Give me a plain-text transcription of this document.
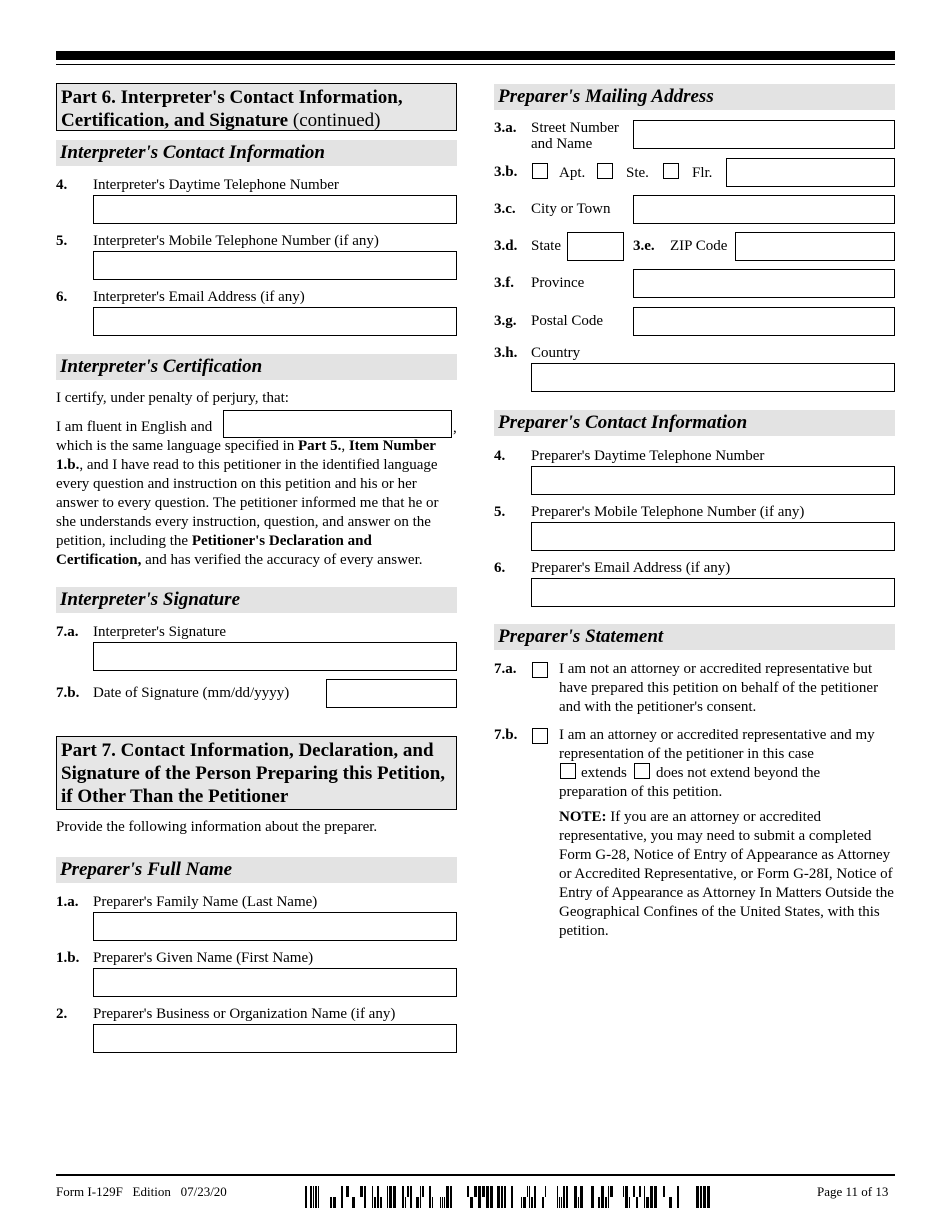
Part 6. Interpreter's Contact Information, Certification, and Signature (continued)
Interpreter's Contact Information
4. Interpreter's Daytime Telephone Number
5. Interpreter's Mobile Telephone Number (if any)
6. Interpreter's Email Address (if any)
Interpreter's Certification
I certify, under penalty of perjury, that:
I am fluent in English and	,
which is the same language specified in Part 5., Item Number 1.b., and I have read to this petitioner in the identified language every question and instruction on this petition and his or her answer to every question. The petitioner informed me that he or she understands every instruction, question, and answer on the petition, including the Petitioner's Declaration and Certification, and has verified the accuracy of every answer.
Interpreter's Signature
7.a. Interpreter's Signature
7.b. Date of Signature (mm/dd/yyyy)
Part 7. Contact Information, Declaration, and Signature of the Person Preparing this Petition, if Other Than the Petitioner
Provide the following information about the preparer.
Preparer's Full Name
1.a. Preparer's Family Name (Last Name)
1.b. Preparer's Given Name (First Name)
2. Preparer's Business or Organization Name (if any)
Preparer's Mailing Address
3.a. Street Number
and Name
3.b.	Apt.	Ste.	Flr.
3.c. City or Town
3.d. State	3.e. ZIP Code
3.f. Province
3.g. Postal Code
3.h. Country
Preparer's Contact Information
4. Preparer's Daytime Telephone Number
5. Preparer's Mobile Telephone Number (if any)
6. Preparer's Email Address (if any)
Preparer's Statement
7.a.	I am not an attorney or accredited representative but have prepared this petition on behalf of the petitioner and with the petitioner's consent.
7.b.	I am an attorney or accredited representative and my representation of the petitioner in this case
extends does not extend beyond the
preparation of this petition.
NOTE: If you are an attorney or accredited representative, you may need to submit a completed Form G-28, Notice of Entry of Appearance as Attorney or Accredited Representative, or Form G-28I, Notice of Entry of Appearance as Attorney In Matters Outside the Geographical Confines of the United States, with this petition.
Form I-129F   Edition   07/23/20	Page 11 of 13
